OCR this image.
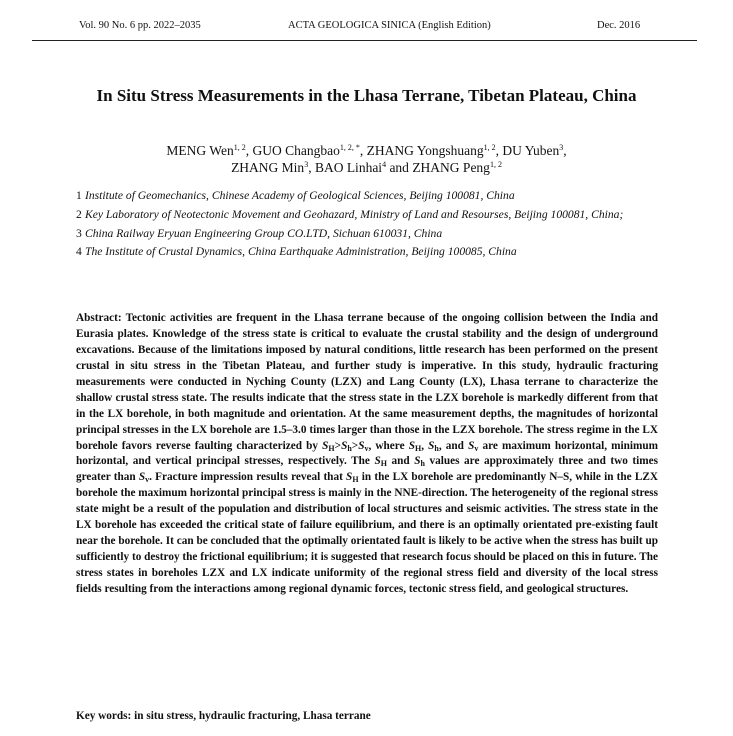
Vol. 90 No. 6 pp. 2022–2035	ACTA GEOLOGICA SINICA (English Edition)	Dec. 2016
In Situ Stress Measurements in the Lhasa Terrane, Tibetan Plateau, China
MENG Wen$^{1, 2}$, GUO Changbao$^{1, 2, *}$, ZHANG Yongshuang$^{1, 2}$, DU Yuben$^3$,
ZHANG Min$^3$, BAO Linhai$^4$ and ZHANG Peng$^{1, 2}$
1 Institute of Geomechanics, Chinese Academy of Geological Sciences, Beijing 100081, China
2 Key Laboratory of Neotectonic Movement and Geohazard, Ministry of Land and Resourses, Beijing 100081, China;
3 China Railway Eryuan Engineering Group CO.LTD, Sichuan 610031, China
4 The Institute of Crustal Dynamics, China Earthquake Administration, Beijing 100085, China
Abstract: Tectonic activities are frequent in the Lhasa terrane because of the ongoing collision between the India and Eurasia plates. Knowledge of the stress state is critical to evaluate the crustal stability and the design of underground excavations. Because of the limitations imposed by natural conditions, little research has been performed on the present crustal in situ stress in the Tibetan Plateau, and further study is imperative. In this study, hydraulic fracturing measurements were conducted in Nyching County (LZX) and Lang County (LX), Lhasa terrane to characterize the shallow crustal stress state. The results indicate that the stress state in the LZX borehole is markedly different from that in the LX borehole, in both magnitude and orientation. At the same measurement depths, the magnitudes of horizontal principal stresses in the LX borehole are 1.5–3.0 times larger than those in the LZX borehole. The stress regime in the LX borehole favors reverse faulting characterized by $S_H>S_h>S_v$, where $S_H$, $S_h$, and $S_v$ are maximum horizontal, minimum horizontal, and vertical principal stresses, respectively. The $S_H$ and $S_h$ values are approximately three and two times greater than $S_v$. Fracture impression results reveal that $S_H$ in the LX borehole are predominantly N–S, while in the LZX borehole the maximum horizontal principal stress is mainly in the NNE-direction. The heterogeneity of the regional stress state might be a result of the population and distribution of local structures and seismic activities. The stress state in the LX borehole has exceeded the critical state of failure equilibrium, and there is an optimally orientated pre-existing fault near the borehole. It can be concluded that the optimally orientated fault is likely to be active when the stress has built up sufficiently to destroy the frictional equilibrium; it is suggested that research focus should be placed on this in future. The stress states in boreholes LZX and LX indicate uniformity of the regional stress field and diversity of the local stress fields resulting from the interactions among regional dynamic forces, tectonic stress field, and geological structures.
Key words: in situ stress, hydraulic fracturing, Lhasa terrane
